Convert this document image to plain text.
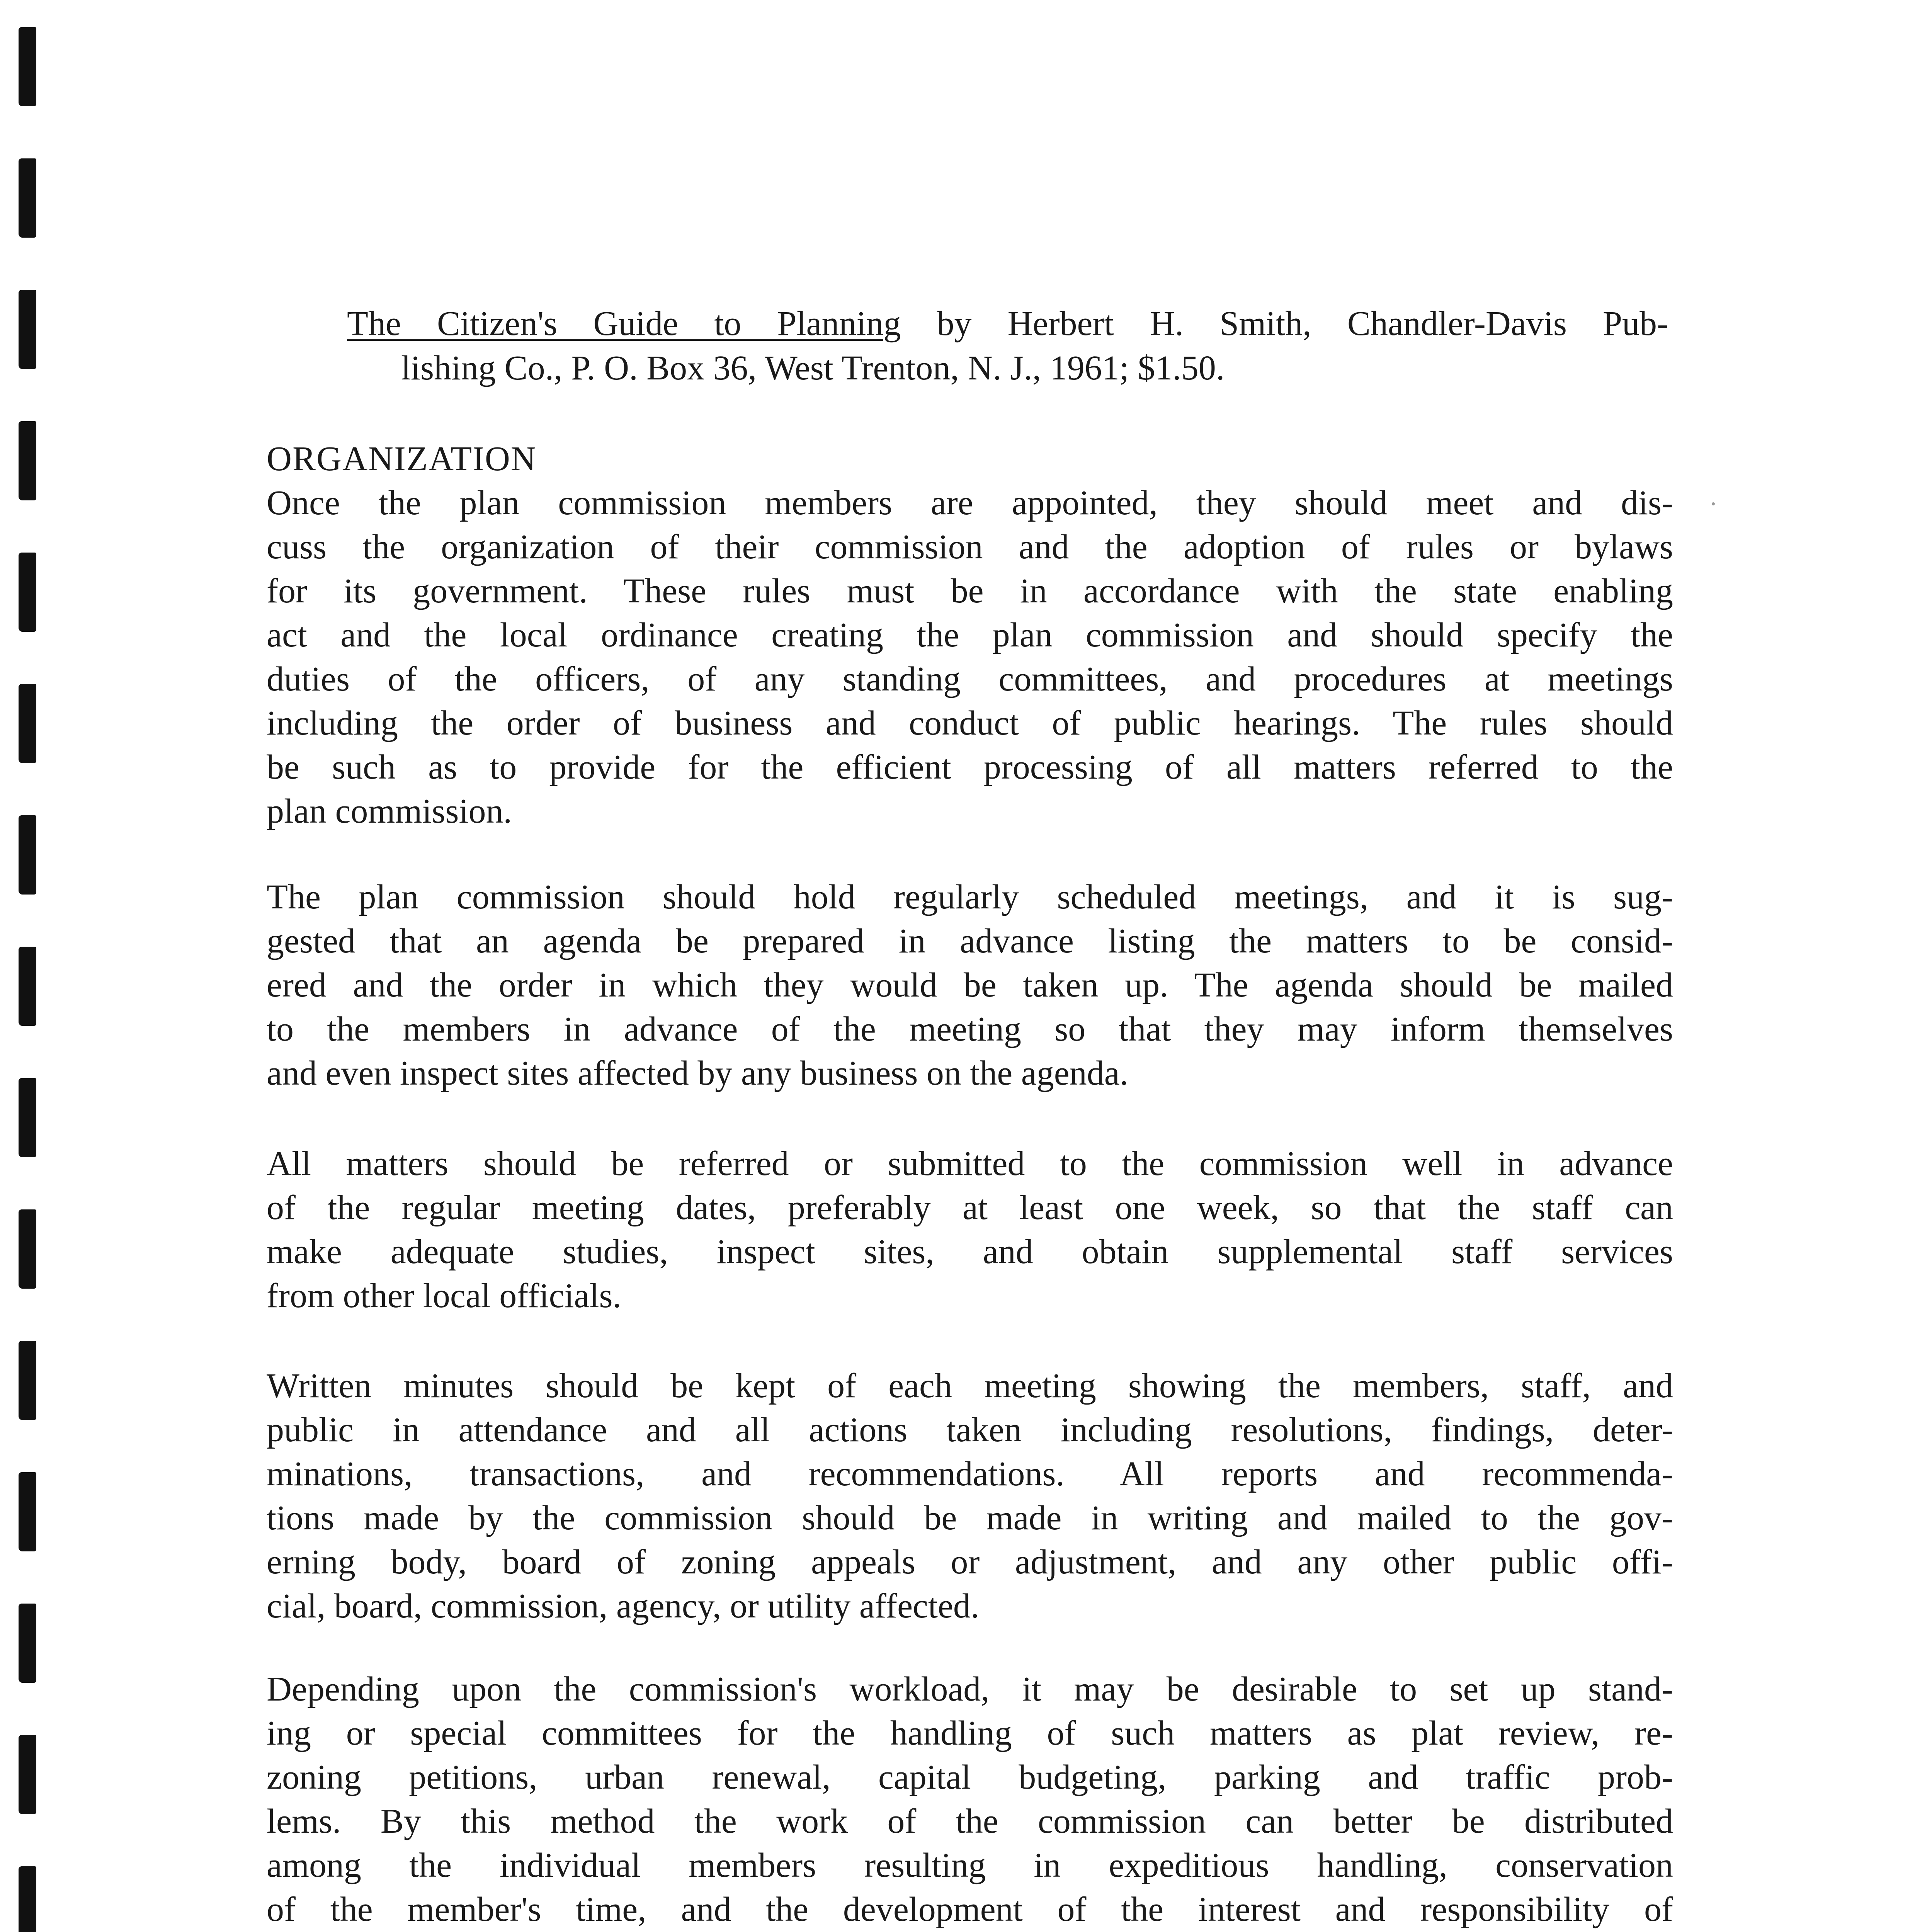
The Citizen's Guide to Planning by Herbert H. Smith, Chandler-Davis Pub-
lishing Co., P. O. Box 36, West Trenton, N. J., 1961; $1.50.
ORGANIZATION
Once the plan commission members are appointed, they should meet and dis-
cuss the organization of their commission and the adoption of rules or bylaws
for its government. These rules must be in accordance with the state enabling
act and the local ordinance creating the plan commission and should specify the
duties of the officers, of any standing committees, and procedures at meetings
including the order of business and conduct of public hearings. The rules should
be such as to provide for the efficient processing of all matters referred to the
plan commission.
The plan commission should hold regularly scheduled meetings, and it is sug-
gested that an agenda be prepared in advance listing the matters to be consid-
ered and the order in which they would be taken up. The agenda should be mailed
to the members in advance of the meeting so that they may inform themselves
and even inspect sites affected by any business on the agenda.
All matters should be referred or submitted to the commission well in advance
of the regular meeting dates, preferably at least one week, so that the staff can
make adequate studies, inspect sites, and obtain supplemental staff services
from other local officials.
Written minutes should be kept of each meeting showing the members, staff, and
public in attendance and all actions taken including resolutions, findings, deter-
minations, transactions, and recommendations. All reports and recommenda-
tions made by the commission should be made in writing and mailed to the gov-
erning body, board of zoning appeals or adjustment, and any other public offi-
cial, board, commission, agency, or utility affected.
Depending upon the commission's workload, it may be desirable to set up stand-
ing or special committees for the handling of such matters as plat review, re-
zoning petitions, urban renewal, capital budgeting, parking and traffic prob-
lems. By this method the work of the commission can better be distributed
among the individual members resulting in expeditious handling, conservation
of the member's time, and the development of the interest and responsibility of
